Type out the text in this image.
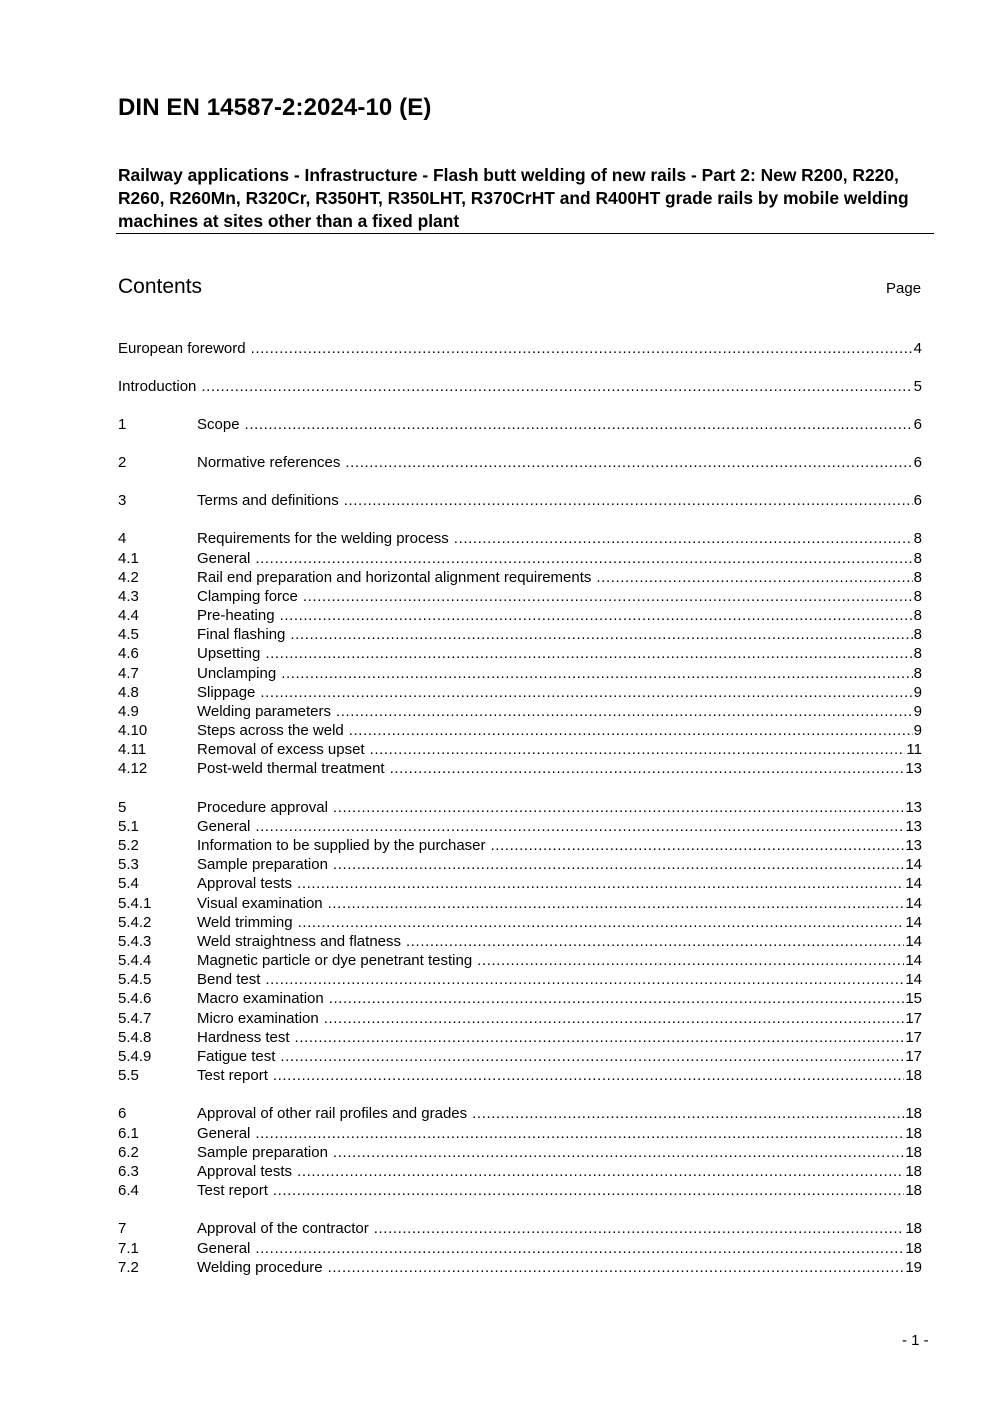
DIN EN 14587-2:2024-10 (E)
Railway applications - Infrastructure - Flash butt welding of new rails - Part 2: New R200, R220, R260, R260Mn, R320Cr, R350HT, R350LHT, R370CrHT and R400HT grade rails by mobile welding machines at sites other than a fixed plant
Contents	Page
European foreword .....	4
Introduction .....	5
1	Scope .....	6
2	Normative references .....	6
3	Terms and definitions .....	6
4	Requirements for the welding process .....	8
4.1	General .....	8
4.2	Rail end preparation and horizontal alignment requirements .....	8
4.3	Clamping force .....	8
4.4	Pre-heating .....	8
4.5	Final flashing .....	8
4.6	Upsetting .....	8
4.7	Unclamping .....	8
4.8	Slippage .....	9
4.9	Welding parameters .....	9
4.10	Steps across the weld .....	9
4.11	Removal of excess upset .....	11
4.12	Post-weld thermal treatment .....	13
5	Procedure approval .....	13
5.1	General .....	13
5.2	Information to be supplied by the purchaser .....	13
5.3	Sample preparation .....	14
5.4	Approval tests .....	14
5.4.1	Visual examination .....	14
5.4.2	Weld trimming .....	14
5.4.3	Weld straightness and flatness .....	14
5.4.4	Magnetic particle or dye penetrant testing .....	14
5.4.5	Bend test .....	14
5.4.6	Macro examination .....	15
5.4.7	Micro examination .....	17
5.4.8	Hardness test .....	17
5.4.9	Fatigue test .....	17
5.5	Test report .....	18
6	Approval of other rail profiles and grades .....	18
6.1	General .....	18
6.2	Sample preparation .....	18
6.3	Approval tests .....	18
6.4	Test report .....	18
7	Approval of the contractor .....	18
7.1	General .....	18
7.2	Welding procedure .....	19
- 1 -
